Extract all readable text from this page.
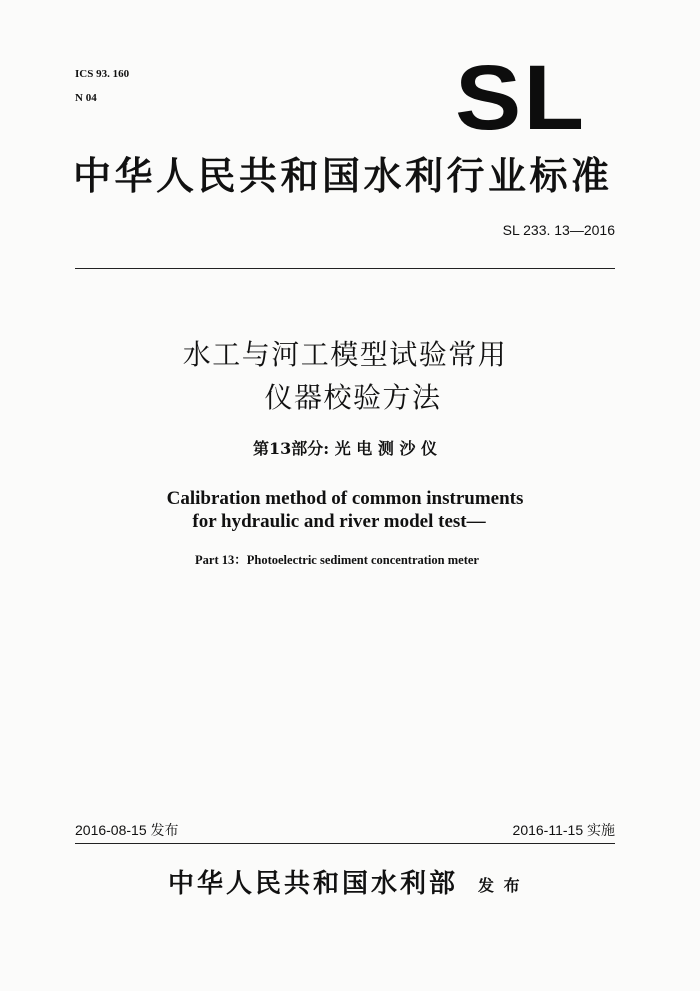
ICS 93. 160
N 04	SL
中华人民共和国水利行业标准
SL 233. 13—2016
水工与河工模型试验常用
仪器校验方法
第13部分: 光 电 测 沙 仪
Calibration method of common instruments
for hydraulic and river model test—
Part 13：Photoelectric sediment concentration meter
2016-08-15 发布	2016-11-15 实施
中华人民共和国水利部 发 布
